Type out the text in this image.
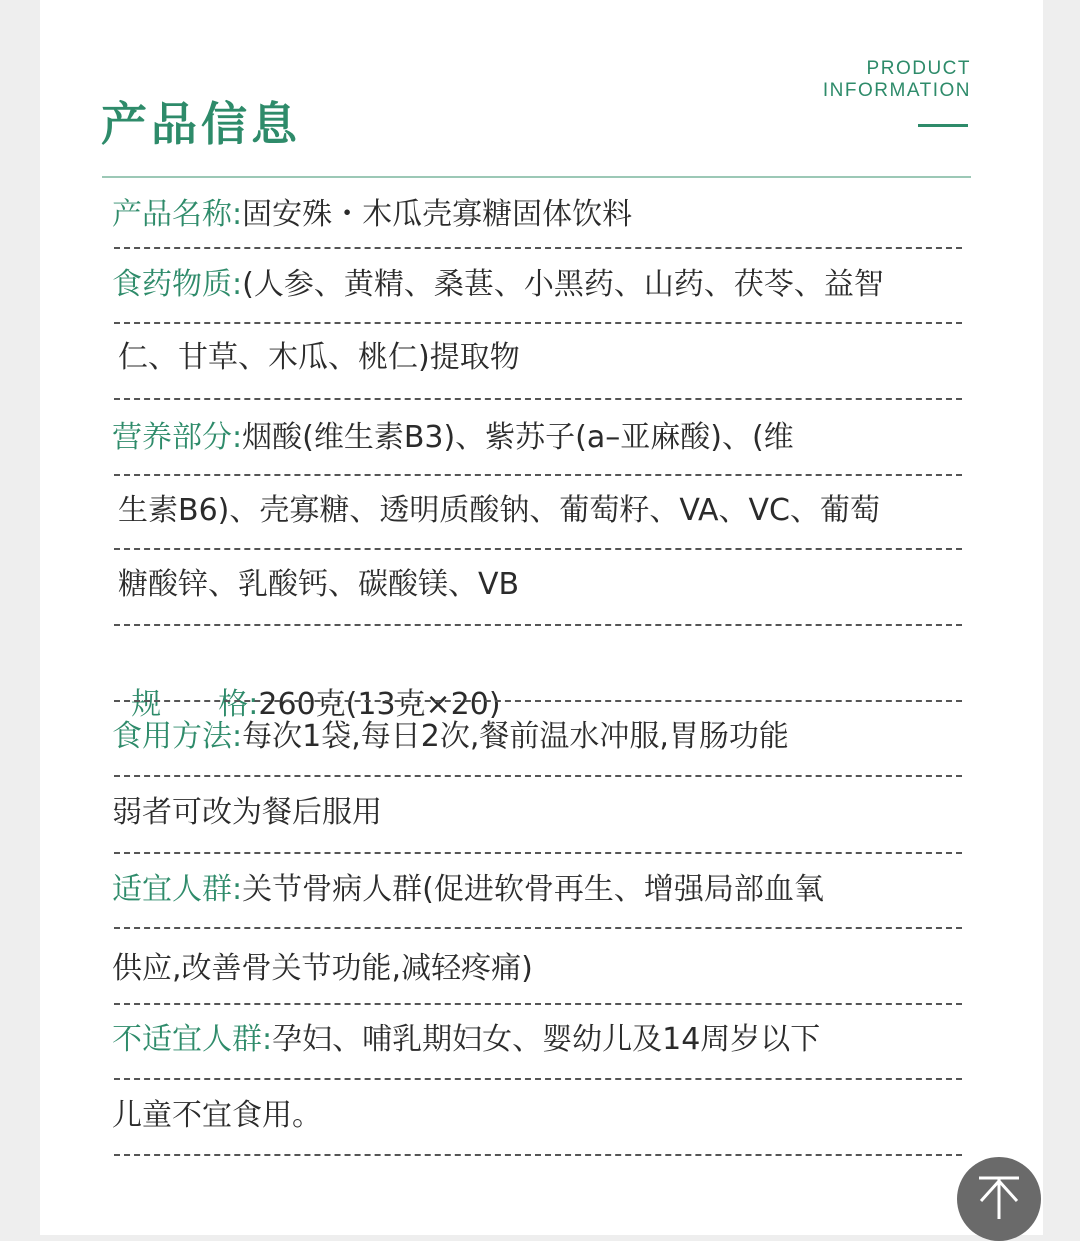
产品信息
PRODUCT
INFORMATION
产品名称:固安殊・木瓜壳寡糖固体饮料
食药物质:(人参、黄精、桑葚、小黑药、山药、茯苓、益智
仁、甘草、木瓜、桃仁)提取物
营养部分:烟酸(维生素B3)、紫苏子(a–亚麻酸)、(维
生素B6)、壳寡糖、透明质酸钠、葡萄籽、VA、VC、葡萄
糖酸锌、乳酸钙、碳酸镁、VB

规      格:260克(13克×20)

食用方法:每次1袋,每日2次,餐前温水冲服,胃肠功能
弱者可改为餐后服用
适宜人群:关节骨病人群(促进软骨再生、增强局部血氧
供应,改善骨关节功能,减轻疼痛)
不适宜人群:孕妇、哺乳期妇女、婴幼儿及14周岁以下
儿童不宜食用。
